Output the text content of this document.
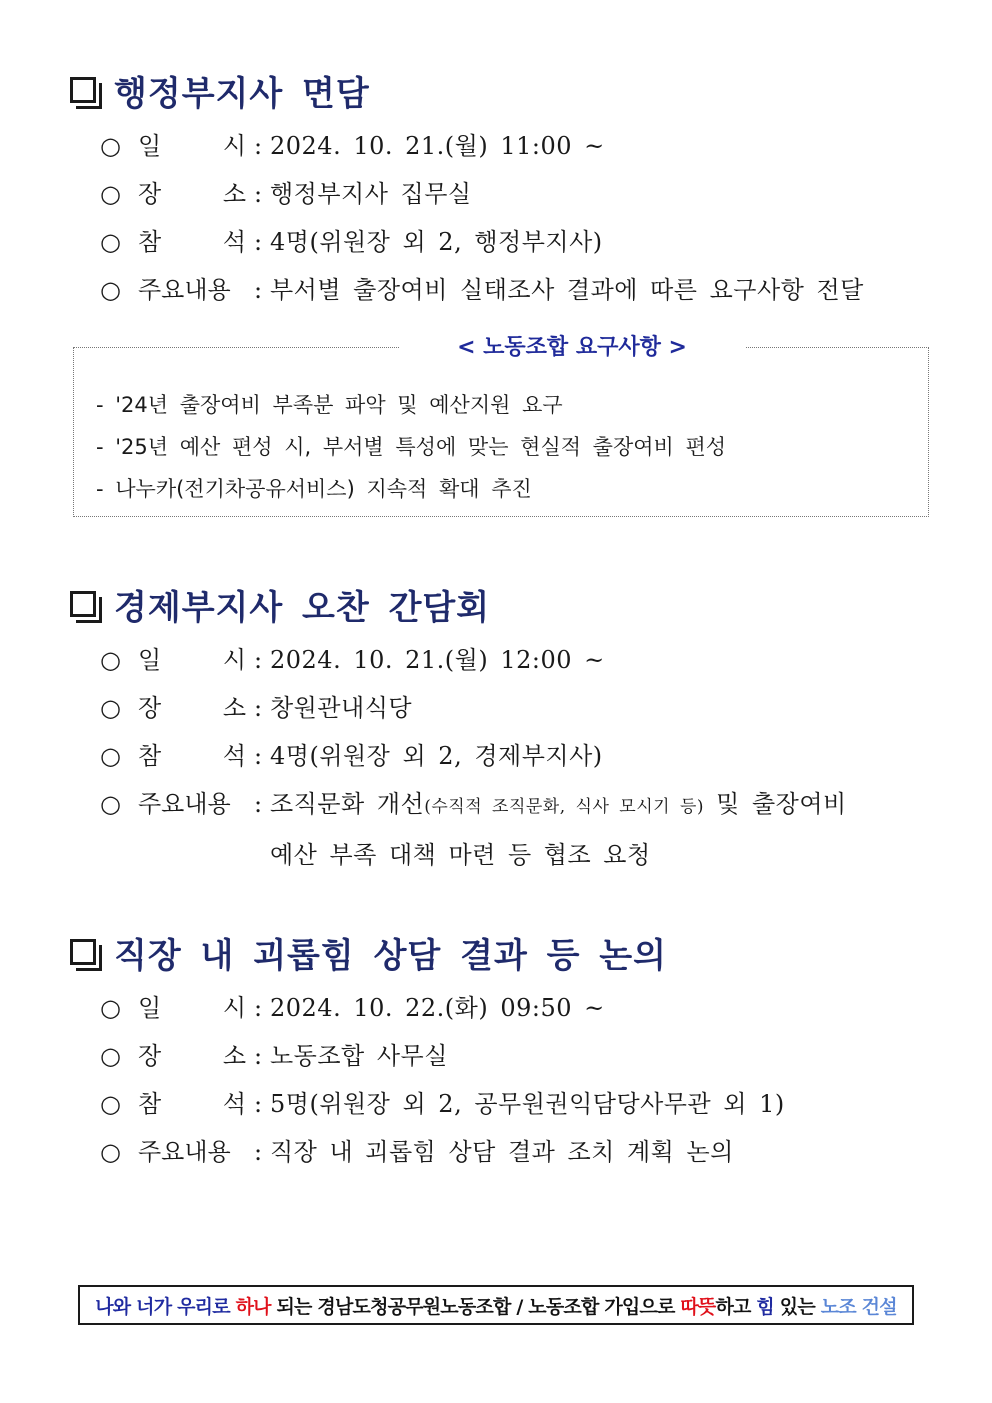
행정부지사 면담
○ 일	시 : 2024. 10. 21.(월) 11:00 ~
○ 장	소 : 행정부지사 집무실
○ 참	석 : 4명(위원장 외 2, 행정부지사)
○ 주요내용 : 부서별 출장여비 실태조사 결과에 따른 요구사항 전달
< 노동조합 요구사항 >
- '24년 출장여비 부족분 파악 및 예산지원 요구
- '25년 예산 편성 시, 부서별 특성에 맞는 현실적 출장여비 편성
- 나누카(전기차공유서비스) 지속적 확대 추진
경제부지사 오찬 간담회
○ 일	시 : 2024. 10. 21.(월) 12:00 ~
○ 장	소 : 창원관내식당
○ 참	석 : 4명(위원장 외 2, 경제부지사)
○ 주요내용 : 조직문화 개선(수직적 조직문화, 식사 모시기 등) 및 출장여비
예산 부족 대책 마련 등 협조 요청
직장 내 괴롭힘 상담 결과 등 논의
○ 일	시 : 2024. 10. 22.(화) 09:50 ~
○ 장	소 : 노동조합 사무실
○ 참	석 : 5명(위원장 외 2, 공무원권익담당사무관 외 1)
○ 주요내용 : 직장 내 괴롭힘 상담 결과 조치 계획 논의
나와 너가 우리로 하나 되는 경남도청공무원노동조합 / 노동조합 가입으로 따뜻 하고 힘 있는 노조 건설
